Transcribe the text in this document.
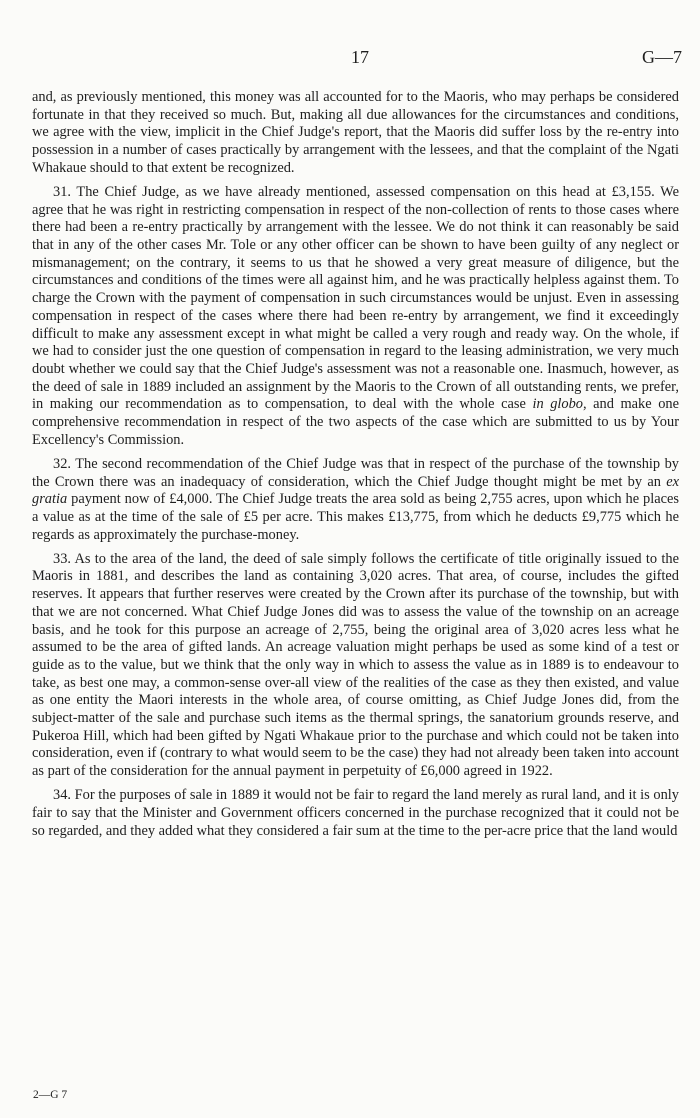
17	G—7

and, as previously mentioned, this money was all accounted for to the Maoris, who may perhaps be considered fortunate in that they received so much. But, making all due allowances for the circumstances and conditions, we agree with the view, implicit in the Chief Judge's report, that the Maoris did suffer loss by the re-entry into possession in a number of cases practically by arrangement with the lessees, and that the complaint of the Ngati Whakaue should to that extent be recognized.

31. The Chief Judge, as we have already mentioned, assessed compensation on this head at £3,155. We agree that he was right in restricting compensation in respect of the non-collection of rents to those cases where there had been a re-entry practically by arrangement with the lessee. We do not think it can reasonably be said that in any of the other cases Mr. Tole or any other officer can be shown to have been guilty of any neglect or mismanagement; on the contrary, it seems to us that he showed a very great measure of diligence, but the circumstances and conditions of the times were all against him, and he was practically helpless against them. To charge the Crown with the payment of compensation in such circumstances would be unjust. Even in assessing compensation in respect of the cases where there had been re-entry by arrangement, we find it exceedingly difficult to make any assessment except in what might be called a very rough and ready way. On the whole, if we had to consider just the one question of compensation in regard to the leasing administration, we very much doubt whether we could say that the Chief Judge's assessment was not a reasonable one. Inasmuch, however, as the deed of sale in 1889 included an assignment by the Maoris to the Crown of all outstanding rents, we prefer, in making our recommendation as to compensation, to deal with the whole case in globo, and make one comprehensive recommendation in respect of the two aspects of the case which are submitted to us by Your Excellency's Commission.

32. The second recommendation of the Chief Judge was that in respect of the purchase of the township by the Crown there was an inadequacy of consideration, which the Chief Judge thought might be met by an ex gratia payment now of £4,000. The Chief Judge treats the area sold as being 2,755 acres, upon which he places a value as at the time of the sale of £5 per acre. This makes £13,775, from which he deducts £9,775 which he regards as approximately the purchase-money.

33. As to the area of the land, the deed of sale simply follows the certificate of title originally issued to the Maoris in 1881, and describes the land as containing 3,020 acres. That area, of course, includes the gifted reserves. It appears that further reserves were created by the Crown after its purchase of the township, but with that we are not concerned. What Chief Judge Jones did was to assess the value of the township on an acreage basis, and he took for this purpose an acreage of 2,755, being the original area of 3,020 acres less what he assumed to be the area of gifted lands. An acreage valuation might perhaps be used as some kind of a test or guide as to the value, but we think that the only way in which to assess the value as in 1889 is to endeavour to take, as best one may, a common-sense over-all view of the realities of the case as they then existed, and value as one entity the Maori interests in the whole area, of course omitting, as Chief Judge Jones did, from the subject-matter of the sale and purchase such items as the thermal springs, the sanatorium grounds reserve, and Pukeroa Hill, which had been gifted by Ngati Whakaue prior to the purchase and which could not be taken into consideration, even if (contrary to what would seem to be the case) they had not already been taken into account as part of the consideration for the annual payment in perpetuity of £6,000 agreed in 1922.

34. For the purposes of sale in 1889 it would not be fair to regard the land merely as rural land, and it is only fair to say that the Minister and Government officers concerned in the purchase recognized that it could not be so regarded, and they added what they considered a fair sum at the time to the per-acre price that the land would

2—G 7
